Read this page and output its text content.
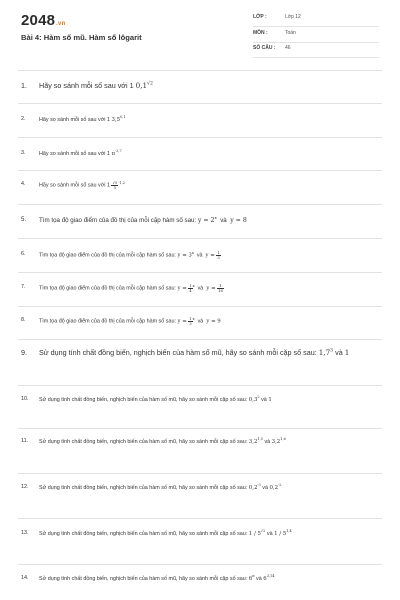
2048.vn
Bài 4: Hàm số mũ. Hàm số lôgarit
LỚP :	Lớp 12
MÔN :	Toán
SỐ CÂU : 46
1. Hãy so sánh mỗi số sau với 1 $0,1^{√2}$
2.	Hãy so sánh mỗi số sau với 1 3,5$^{0,1}$
3.	Hãy so sánh mỗi số sau với 1 $\pi^{-2,7}$
4.	Hãy so sánh mỗi số sau với $1 \frac{√5}{5} ^{-1,2}$
5. Tìm tọa độ giao điểm của đồ thị của mỗi cặp hàm số sau: $y = 2^x$ và y = 8
6.	Tìm tọa độ giao điểm của đồ thị của mỗi cặp hàm số sau: $y = 3^x$ và $y = \frac{1}{3}$
7.	Tìm tọa độ giao điểm của đồ thị của mỗi cặp hàm số sau: $y = \frac{1}{4} ^x$ và $y = \frac{1}{16}$
8.	Tìm tọa độ giao điểm của đồ thị của mỗi cặp hàm số sau: $y = \frac{1}{3} ^x$ và y = 9
9. Sử dụng tính chất đồng biến, nghịch biến của hàm số mũ, hãy so sánh mỗi cặp số sau: $1,7^3$ và 1
10. Sử dụng tính chất đồng biến, nghịch biến của hàm số mũ, hãy so sánh mỗi cặp số sau: $0,3^2$ và 1
11. Sử dụng tính chất đồng biến, nghịch biến của hàm số mũ, hãy so sánh mỗi cặp số sau: 3,2$^{1,5}$ và 3,2$^{1,6}$
12. Sử dụng tính chất đồng biến, nghịch biến của hàm số mũ, hãy so sánh mỗi cặp số sau: $0,2^{-3}$ và $0,2^{-2}$
13. Sử dụng tính chất đồng biến, nghịch biến của hàm số mũ, hãy so sánh mỗi cặp số sau: $1 / 5^{√2}$ và 1 / 5$^{1,4}$
14. Sử dụng tính chất đồng biến, nghịch biến của hàm số mũ, hãy so sánh mỗi cặp số sau: $6^\pi$ và 6$^{3,14}$
